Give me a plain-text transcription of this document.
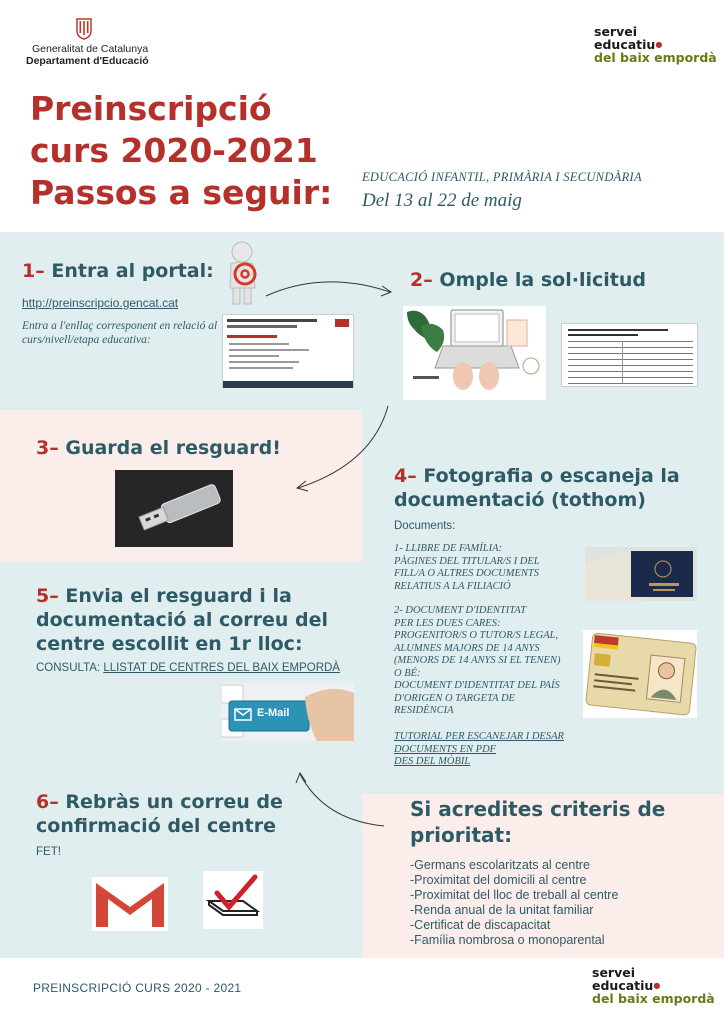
Generalitat de Catalunya
Departament d'Educació
servei
educatiu●
del baix empordà
Preinscripció
curs 2020-2021
Passos a seguir: EDUCACIÓ INFANTIL, PRIMÀRIA I SECUNDÀRIA
Del 13 al 22 de maig
1– Entra al portal:
http://preinscripcio.gencat.cat
Entra a l'enllaç corresponent en relació al curs/nivell/etapa educativa:
2– Omple la sol·licitud
3– Guarda el resguard!
4– Fotografia o escaneja la
documentació (tothom)
Documents:
1- LLIBRE DE FAMÍLIA:
PÀGINES DEL TITULAR/S I DEL
FILL/A O ALTRES DOCUMENTS
RELATIUS A LA FILIACIÓ
2- DOCUMENT D'IDENTITAT
PER LES DUES CARES:
PROGENITOR/S O TUTOR/S LEGAL,
ALUMNES MAJORS DE 14 ANYS
(MENORS DE 14 ANYS SI EL TENEN)
O BÉ:
DOCUMENT D'IDENTITAT DEL PAÍS
D'ORIGEN O TARGETA DE
RESIDÈNCIA
TUTORIAL PER ESCANEJAR I DESAR
DOCUMENTS EN PDF
DES DEL MÒBIL
5– Envia el resguard i la
documentació al correu del
centre escollit en 1r lloc:
CONSULTA: LLISTAT DE CENTRES DEL BAIX EMPORDÀ
E-Mail
6– Rebràs un correu de
confirmació del centre
FET!
Si acredites criteris de
prioritat:
-Germans escolaritzats al centre
-Proximitat del domicili al centre
-Proximitat del lloc de treball al centre
-Renda anual de la unitat familiar
-Certificat de discapacitat
-Família nombrosa o monoparental
PREINSCRIPCIÓ CURS 2020 - 2021
servei
educatiu●
del baix empordà
